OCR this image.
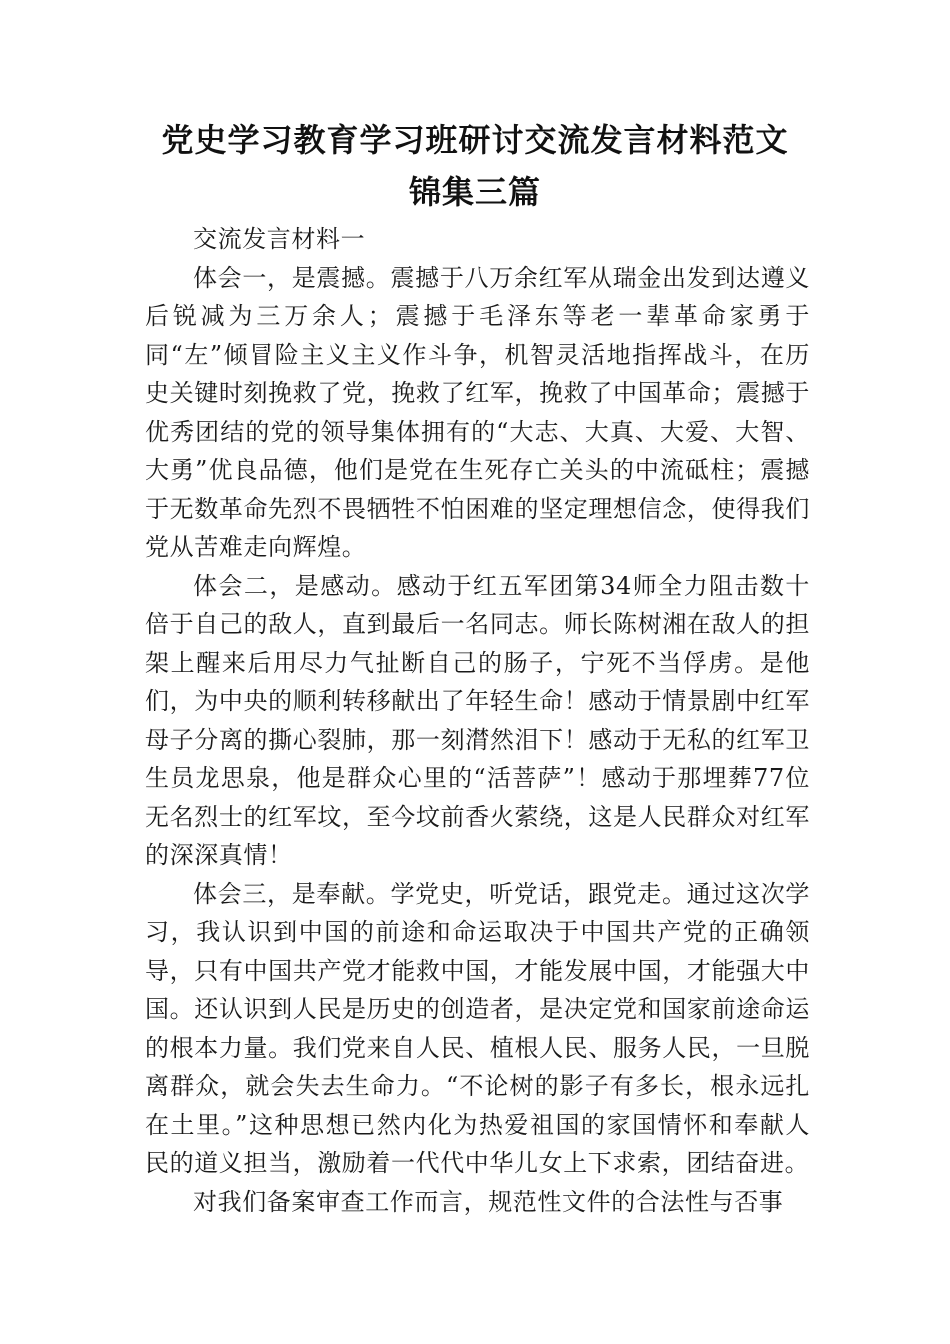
党史学习教育学习班研讨交流发言材料范文
锦集三篇

交流发言材料一

体会一，是震撼。震撼于八万余红军从瑞金出发到达遵义后锐减为三万余人；震撼于毛泽东等老一辈革命家勇于同“左”倾冒险主义主义作斗争，机智灵活地指挥战斗，在历史关键时刻挽救了党，挽救了红军，挽救了中国革命；震撼于优秀团结的党的领导集体拥有的“大志、大真、大爱、大智、大勇”优良品德，他们是党在生死存亡关头的中流砥柱；震撼于无数革命先烈不畏牺牲不怕困难的坚定理想信念，使得我们党从苦难走向辉煌。

体会二，是感动。感动于红五军团第34师全力阻击数十倍于自己的敌人，直到最后一名同志。师长陈树湘在敌人的担架上醒来后用尽力气扯断自己的肠子，宁死不当俘虏。是他们，为中央的顺利转移献出了年轻生命！感动于情景剧中红军母子分离的撕心裂肺，那一刻潸然泪下！感动于无私的红军卫生员龙思泉，他是群众心里的“活菩萨”！感动于那埋葬77位无名烈士的红军坟，至今坟前香火萦绕，这是人民群众对红军的深深真情！

体会三，是奉献。学党史，听党话，跟党走。通过这次学习，我认识到中国的前途和命运取决于中国共产党的正确领导，只有中国共产党才能救中国，才能发展中国，才能强大中国。还认识到人民是历史的创造者，是决定党和国家前途命运的根本力量。我们党来自人民、植根人民、服务人民，一旦脱离群众，就会失去生命力。“不论树的影子有多长，根永远扎在土里。”这种思想已然内化为热爱祖国的家国情怀和奉献人民的道义担当，激励着一代代中华儿女上下求索，团结奋进。

对我们备案审查工作而言，规范性文件的合法性与否事
